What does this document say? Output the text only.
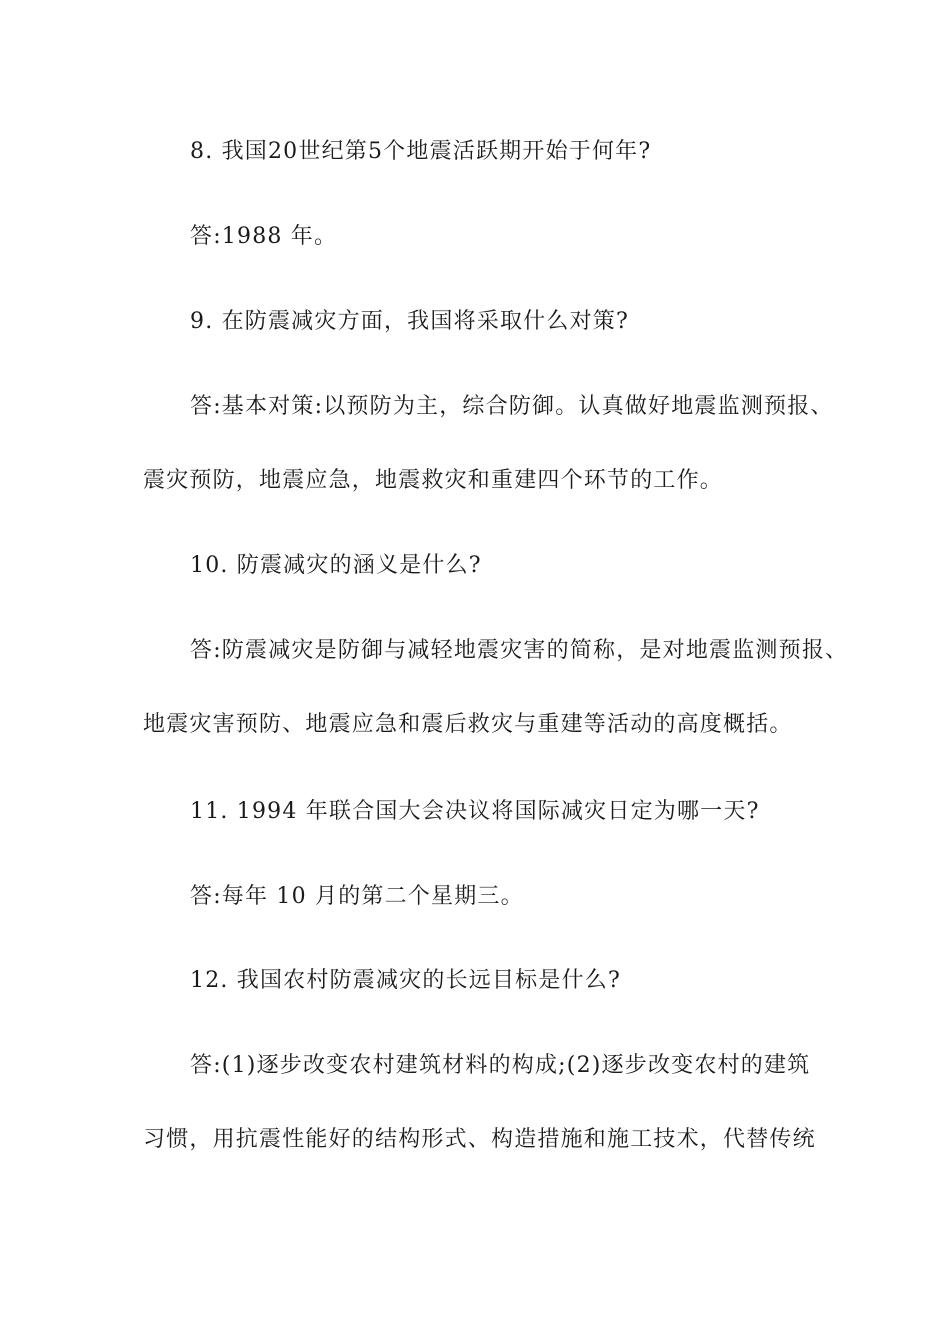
8. 我国20世纪第5个地震活跃期开始于何年?
答:1988 年。
9. 在防震减灾方面，我国将采取什么对策?
答:基本对策:以预防为主，综合防御。认真做好地震监测预报、
震灾预防，地震应急，地震救灾和重建四个环节的工作。
10. 防震减灾的涵义是什么?
答:防震减灾是防御与减轻地震灾害的简称，是对地震监测预报、
地震灾害预防、地震应急和震后救灾与重建等活动的高度概括。
11. 1994 年联合国大会决议将国际减灾日定为哪一天?
答:每年 10 月的第二个星期三。
12. 我国农村防震减灾的长远目标是什么?
答:(1)逐步改变农村建筑材料的构成;(2)逐步改变农村的建筑
习惯，用抗震性能好的结构形式、构造措施和施工技术，代替传统
